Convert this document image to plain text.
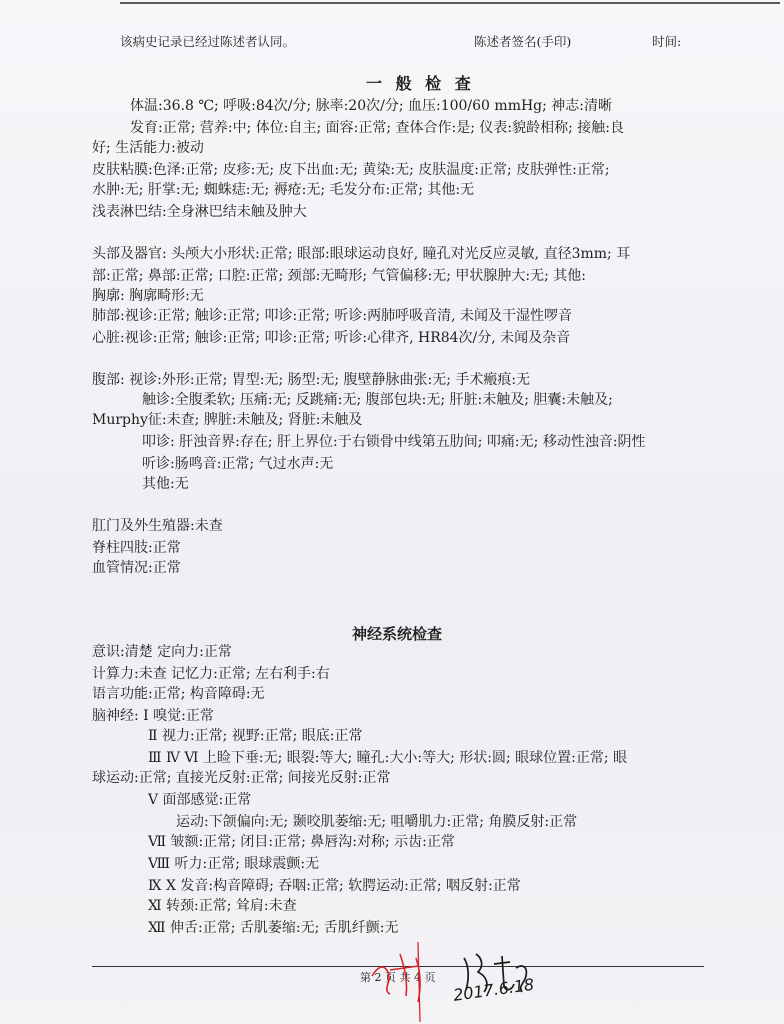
该病史记录已经过陈述者认同。	陈述者签名(手印)	时间:
一 般 检 查
体温:36.8 ℃; 呼吸:84次/分; 脉率:20次/分; 血压:100/60 mmHg; 神志:清晰
发育:正常; 营养:中; 体位:自主; 面容:正常; 查体合作:是; 仪表:貌龄相称; 接触:良
好; 生活能力:被动
皮肤粘膜:色泽:正常; 皮疹:无; 皮下出血:无; 黄染:无; 皮肤温度:正常; 皮肤弹性:正常;
水肿:无; 肝掌:无; 蜘蛛痣:无; 褥疮:无; 毛发分布:正常; 其他:无
浅表淋巴结:全身淋巴结未触及肿大
头部及器官: 头颅大小形状:正常; 眼部:眼球运动良好, 瞳孔对光反应灵敏, 直径3mm; 耳
部:正常; 鼻部:正常; 口腔:正常; 颈部:无畸形; 气管偏移:无; 甲状腺肿大:无; 其他:
胸廓: 胸廓畸形:无
肺部:视诊:正常; 触诊:正常; 叩诊:正常; 听诊:两肺呼吸音清, 未闻及干湿性啰音
心脏:视诊:正常; 触诊:正常; 叩诊:正常; 听诊:心律齐, HR84次/分, 未闻及杂音
腹部: 视诊:外形:正常; 胃型:无; 肠型:无; 腹壁静脉曲张:无; 手术瘢痕:无
触诊:全腹柔软; 压痛:无; 反跳痛:无; 腹部包块:无; 肝脏:未触及; 胆囊:未触及;
Murphy征:未查; 脾脏:未触及; 肾脏:未触及
叩诊: 肝浊音界:存在; 肝上界位:于右锁骨中线第五肋间; 叩痛:无; 移动性浊音:阴性
听诊:肠鸣音:正常; 气过水声:无
其他:无
肛门及外生殖器:未查
脊柱四肢:正常
血管情况:正常
神经系统检查
意识:清楚 定向力:正常
计算力:未查 记忆力:正常; 左右利手:右
语言功能:正常; 构音障碍:无
脑神经: Ⅰ 嗅觉:正常
Ⅱ 视力:正常; 视野:正常; 眼底:正常
Ⅲ Ⅳ Ⅵ 上睑下垂:无; 眼裂:等大; 瞳孔:大小:等大; 形状:圆; 眼球位置:正常; 眼
球运动:正常; 直接光反射:正常; 间接光反射:正常
Ⅴ 面部感觉:正常
运动:下颌偏向:无; 颞咬肌萎缩:无; 咀嚼肌力:正常; 角膜反射:正常
Ⅶ 皱额:正常; 闭目:正常; 鼻唇沟:对称; 示齿:正常
Ⅷ 听力:正常; 眼球震颤:无
Ⅸ Ⅹ 发音:构音障碍; 吞咽:正常; 软腭运动:正常; 咽反射:正常
Ⅺ 转颈:正常; 耸肩:未查
Ⅻ 伸舌:正常; 舌肌萎缩:无; 舌肌纤颤:无
第 2 页 共 4 页 2017.6.18
